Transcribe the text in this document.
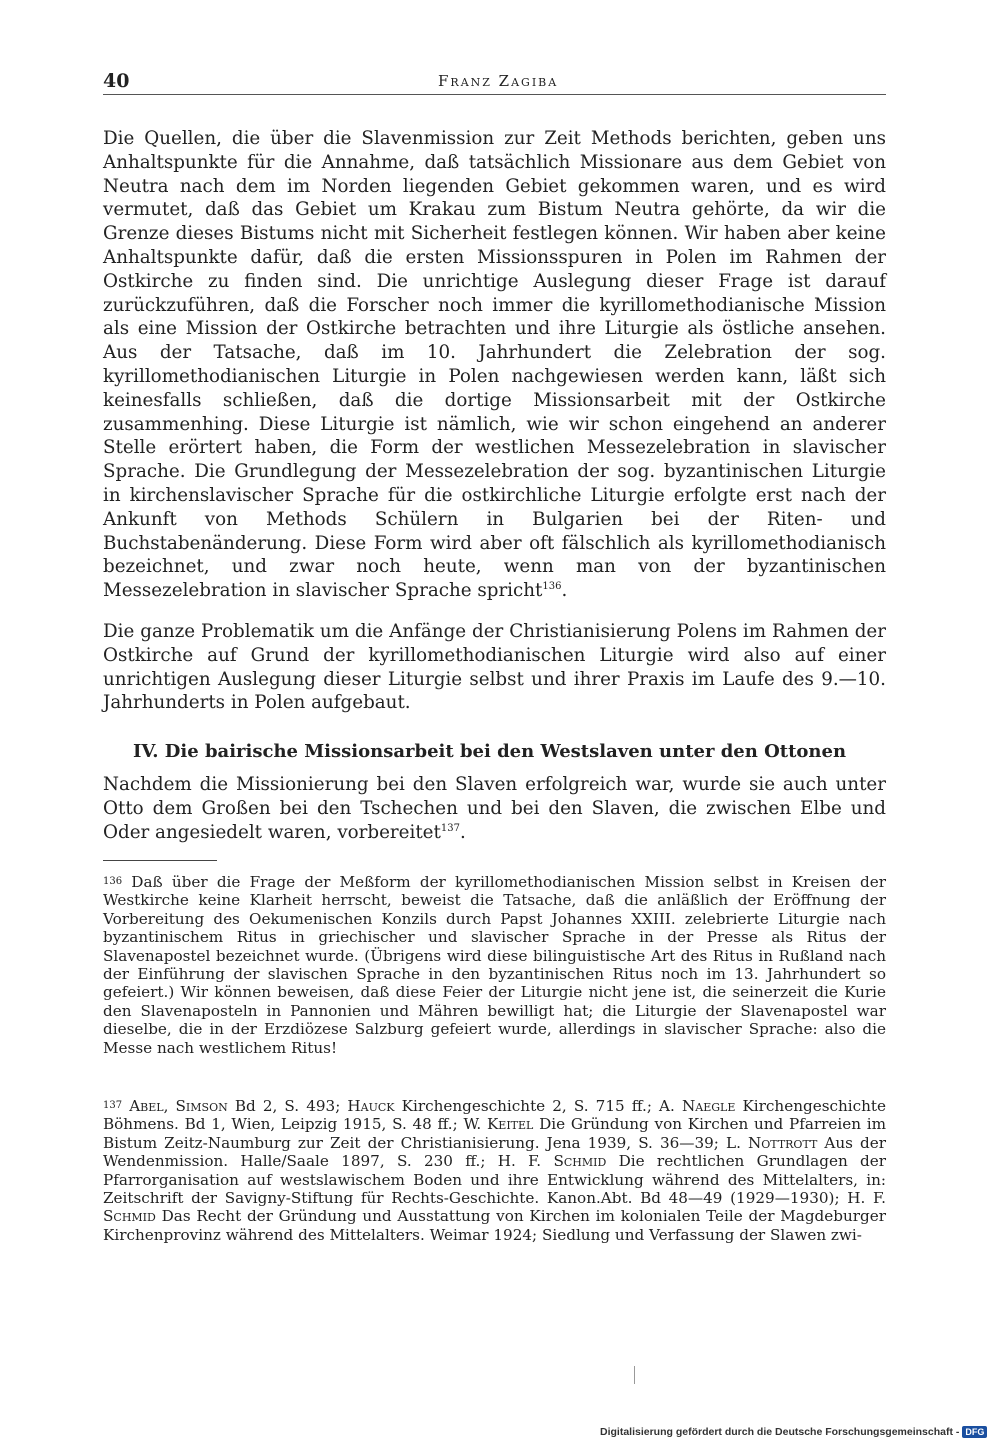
40	Franz Zagiba
Die Quellen, die über die Slavenmission zur Zeit Methods berichten, geben uns Anhaltspunkte für die Annahme, daß tatsächlich Missionare aus dem Gebiet von Neutra nach dem im Norden liegenden Gebiet gekommen waren, und es wird vermutet, daß das Gebiet um Krakau zum Bistum Neutra gehörte, da wir die Grenze dieses Bistums nicht mit Sicherheit festlegen können. Wir haben aber keine Anhaltspunkte dafür, daß die ersten Missionsspuren in Polen im Rahmen der Ostkirche zu finden sind. Die unrichtige Auslegung dieser Frage ist darauf zurückzuführen, daß die Forscher noch immer die kyrillomethodianische Mission als eine Mission der Ostkirche betrachten und ihre Liturgie als östliche ansehen. Aus der Tatsache, daß im 10. Jahrhundert die Zelebration der sog. kyrillomethodianischen Liturgie in Polen nachgewiesen werden kann, läßt sich keinesfalls schließen, daß die dortige Missionsarbeit mit der Ostkirche zusammenhing. Diese Liturgie ist nämlich, wie wir schon eingehend an anderer Stelle erörtert haben, die Form der westlichen Messezelebration in slavischer Sprache. Die Grundlegung der Messezelebration der sog. byzantinischen Liturgie in kirchenslavischer Sprache für die ostkirchliche Liturgie erfolgte erst nach der Ankunft von Methods Schülern in Bulgarien bei der Riten- und Buchstabenänderung. Diese Form wird aber oft fälschlich als kyrillomethodianisch bezeichnet, und zwar noch heute, wenn man von der byzantinischen Messezelebration in slavischer Sprache spricht$^{136}$.
Die ganze Problematik um die Anfänge der Christianisierung Polens im Rahmen der Ostkirche auf Grund der kyrillomethodianischen Liturgie wird also auf einer unrichtigen Auslegung dieser Liturgie selbst und ihrer Praxis im Laufe des 9.—10. Jahrhunderts in Polen aufgebaut.
IV. Die bairische Missionsarbeit bei den Westslaven unter den Ottonen
Nachdem die Missionierung bei den Slaven erfolgreich war, wurde sie auch unter Otto dem Großen bei den Tschechen und bei den Slaven, die zwischen Elbe und Oder angesiedelt waren, vorbereitet$^{137}$.
$^{136}$ Daß über die Frage der Meßform der kyrillomethodianischen Mission selbst in Kreisen der Westkirche keine Klarheit herrscht, beweist die Tatsache, daß die anläßlich der Eröffnung der Vorbereitung des Oekumenischen Konzils durch Papst Johannes XXIII. zelebrierte Liturgie nach byzantinischem Ritus in griechischer und slavischer Sprache in der Presse als Ritus der Slavenapostel bezeichnet wurde. (Übrigens wird diese bilinguistische Art des Ritus in Rußland nach der Einführung der slavischen Sprache in den byzantinischen Ritus noch im 13. Jahrhundert so gefeiert.) Wir können beweisen, daß diese Feier der Liturgie nicht jene ist, die seinerzeit die Kurie den Slavenaposteln in Pannonien und Mähren bewilligt hat; die Liturgie der Slavenapostel war dieselbe, die in der Erzdiözese Salzburg gefeiert wurde, allerdings in slavischer Sprache: also die Messe nach westlichem Ritus!
$^{137}$ Abel, Simson Bd 2, S. 493; Hauck Kirchengeschichte 2, S. 715 ff.; A. Naegle Kirchengeschichte Böhmens. Bd 1, Wien, Leipzig 1915, S. 48 ff.; W. Keitel Die Gründung von Kirchen und Pfarreien im Bistum Zeitz-Naumburg zur Zeit der Christianisierung. Jena 1939, S. 36—39; L. Nottrott Aus der Wendenmission. Halle/Saale 1897, S. 230 ff.; H. F. Schmid Die rechtlichen Grundlagen der Pfarrorganisation auf westslawischem Boden und ihre Entwicklung während des Mittelalters, in: Zeitschrift der Savigny-Stiftung für Rechts-Geschichte. Kanon.Abt. Bd 48—49 (1929—1930); H. F. Schmid Das Recht der Gründung und Ausstattung von Kirchen im kolonialen Teile der Magdeburger Kirchenprovinz während des Mittelalters. Weimar 1924; Siedlung und Verfassung der Slawen zwi-
Digitalisierung gefördert durch die Deutsche Forschungsgemeinschaft - DFG
